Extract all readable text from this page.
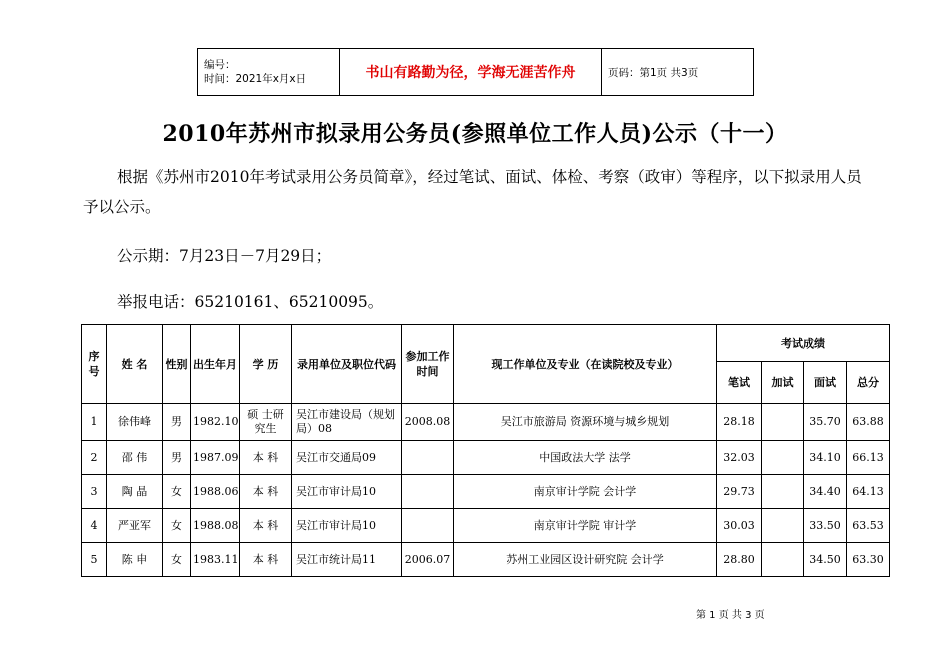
编号：
时间：2021年x月x日	书山有路勤为径，学海无涯苦作舟	页码：第1页 共3页
2010年苏州市拟录用公务员(参照单位工作人员)公示（十一）
根据《苏州市2010年考试录用公务员简章》，经过笔试、面试、体检、考察（政审）等程序，以下拟录用人员予以公示。
公示期：7月23日－7月29日；
举报电话：65210161、65210095。
序号	姓 名	性别	出生年月	学 历	录用单位及职位代码	参加工作时间	现工作单位及专业（在读院校及专业）	考试成绩			
								笔试	加试	面试	总分
1	徐伟峰	男	1982.10	硕 士研究生	吴江市建设局（规划局）08	2008.08	吴江市旅游局 资源环境与城乡规划	28.18		35.70	63.88
2	邵 伟	男	1987.09	本 科	吴江市交通局09		中国政法大学 法学	32.03		34.10	66.13
3	陶 晶	女	1988.06	本 科	吴江市审计局10		南京审计学院 会计学	29.73		34.40	64.13
4	严亚军	女	1988.08	本 科	吴江市审计局10		南京审计学院 审计学	30.03		33.50	63.53
5	陈 申	女	1983.11	本 科	吴江市统计局11	2006.07	苏州工业园区设计研究院 会计学	28.80		34.50	63.30
第 1 页 共 3 页
